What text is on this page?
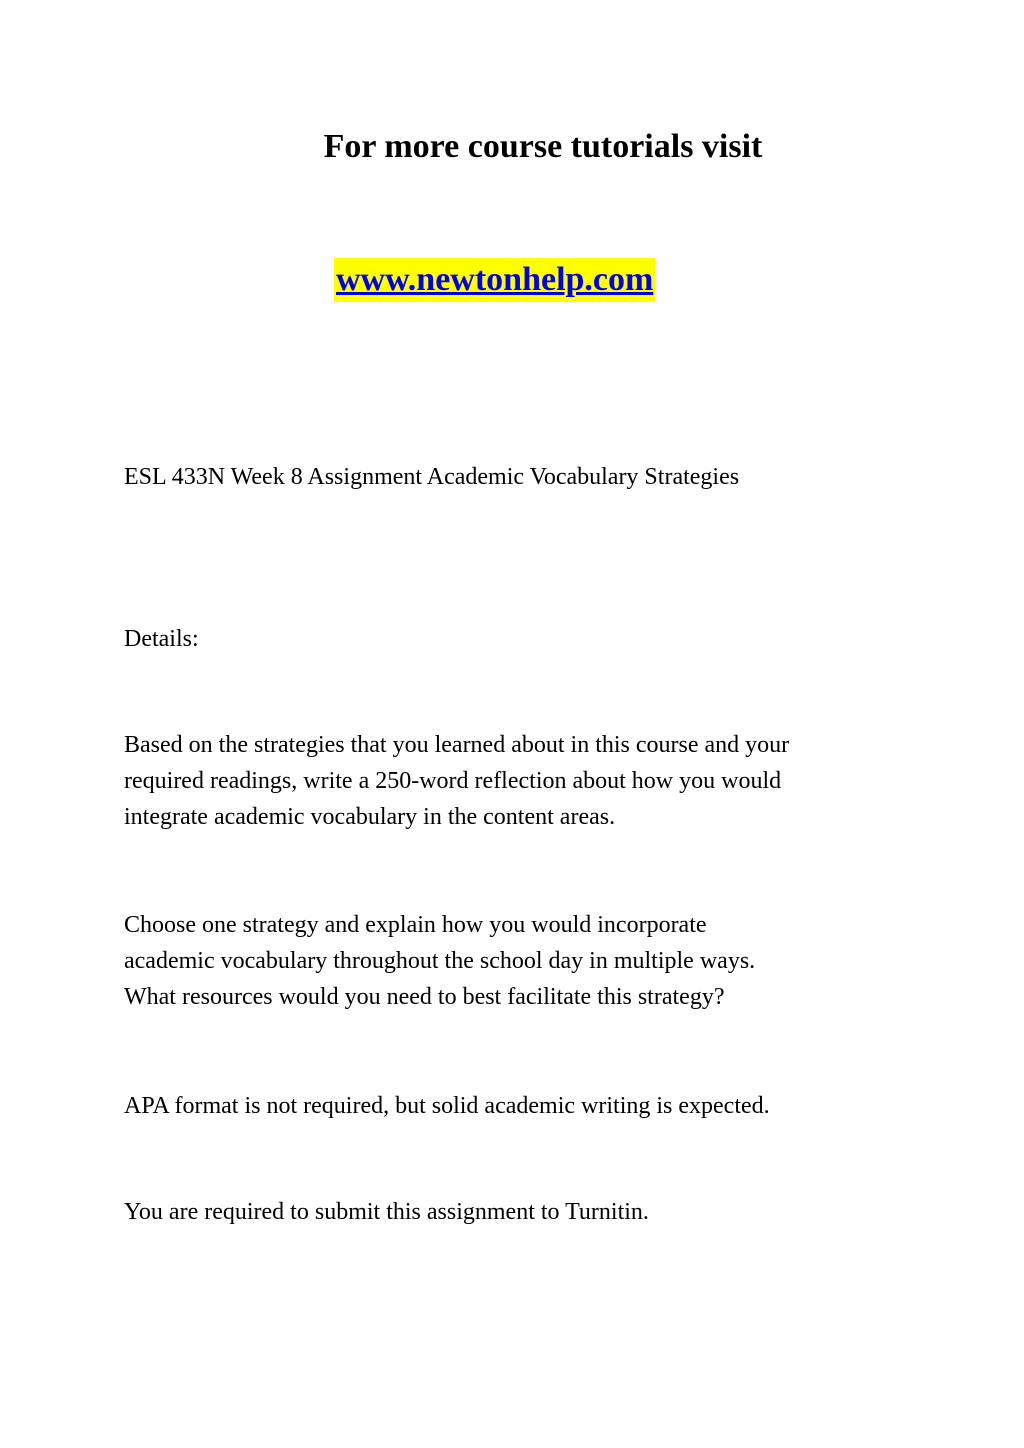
For more course tutorials visit
www.newtonhelp.com
ESL 433N Week 8 Assignment Academic Vocabulary Strategies
Details:
Based on the strategies that you learned about in this course and your
required readings, write a 250-word reflection about how you would
integrate academic vocabulary in the content areas.
Choose one strategy and explain how you would incorporate
academic vocabulary throughout the school day in multiple ways.
What resources would you need to best facilitate this strategy?
APA format is not required, but solid academic writing is expected.
You are required to submit this assignment to Turnitin.
